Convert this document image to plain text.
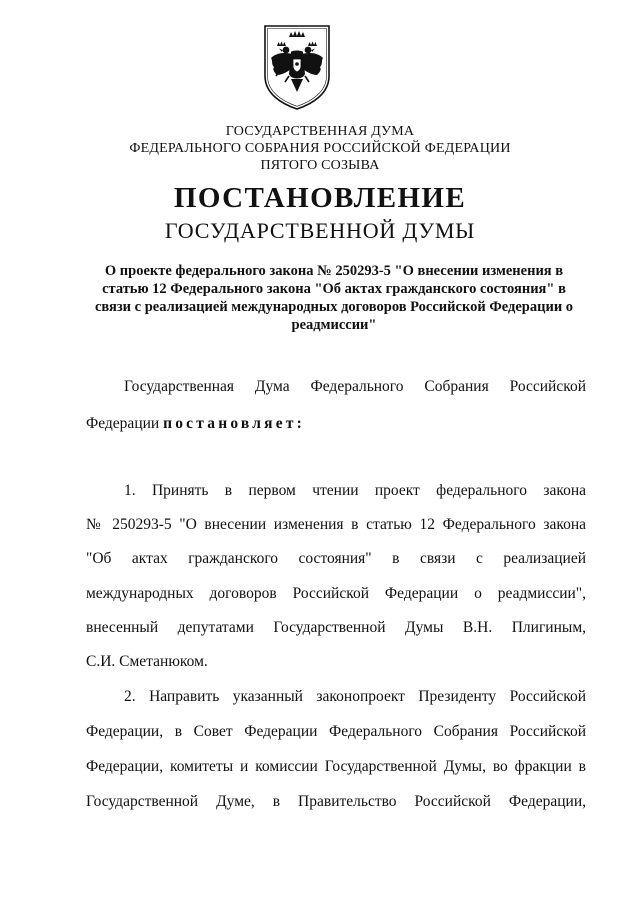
ГОСУДАРСТВЕННАЯ ДУМА
ФЕДЕРАЛЬНОГО СОБРАНИЯ РОССИЙСКОЙ ФЕДЕРАЦИИ
ПЯТОГО СОЗЫВА
ПОСТАНОВЛЕНИЕ
ГОСУДАРСТВЕННОЙ ДУМЫ
О проекте федерального закона № 250293-5 "О внесении изменения в
статью 12 Федерального закона "Об актах гражданского состояния" в
связи с реализацией международных договоров Российской Федерации о
реадмиссии"
Государственная Дума Федерального Собрания Российской
Федерации постановляет:
1. Принять в первом чтении проект федерального закона
№ 250293-5 "О внесении изменения в статью 12 Федерального закона
"Об актах гражданского состояния" в связи с реализацией
международных договоров Российской Федерации о реадмиссии",
внесенный депутатами Государственной Думы В.Н. Плигиным,
С.И. Сметанюком.
2. Направить указанный законопроект Президенту Российской
Федерации, в Совет Федерации Федерального Собрания Российской
Федерации, комитеты и комиссии Государственной Думы, во фракции в
Государственной Думе, в Правительство Российской Федерации,
